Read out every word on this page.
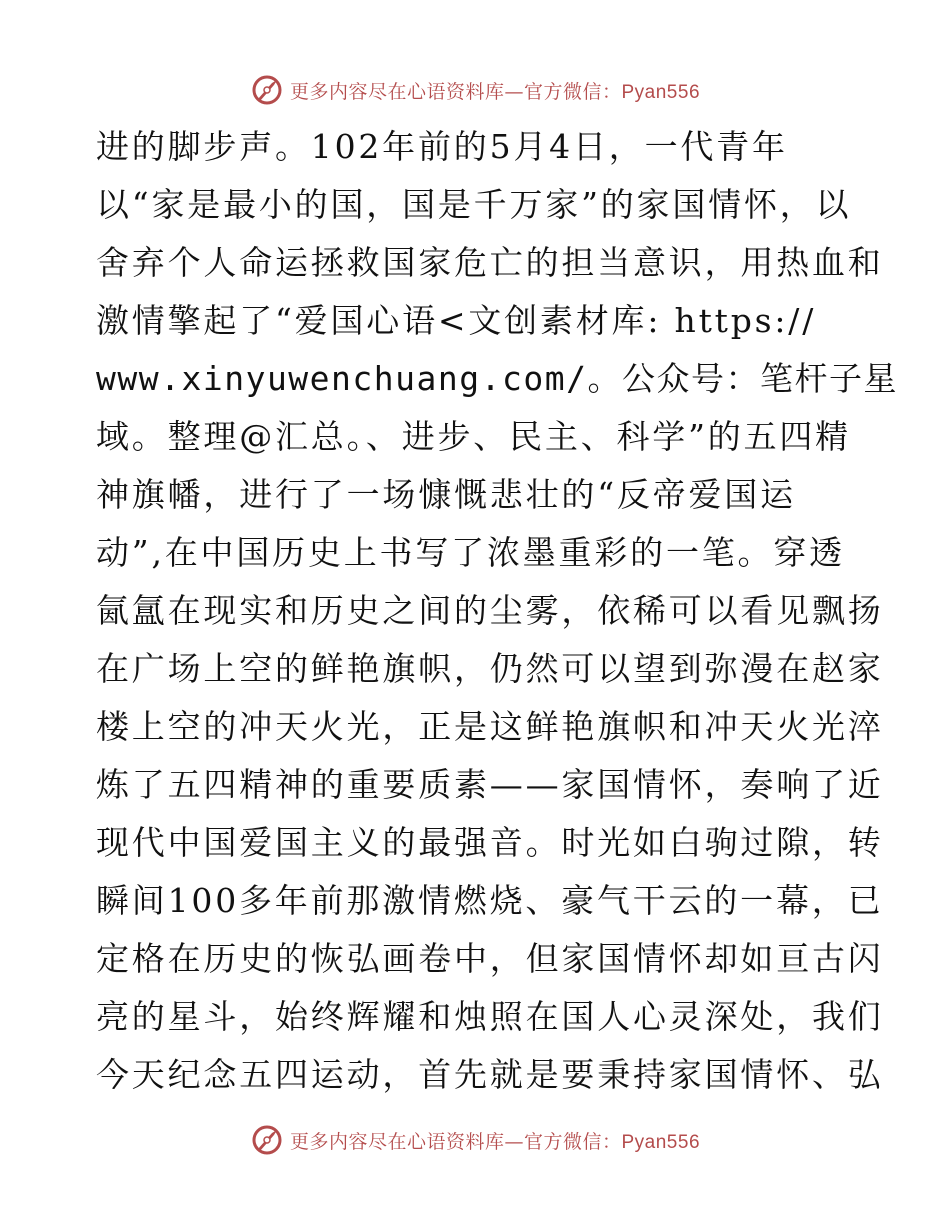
更多内容尽在心语资料库—官方微信：Pyan556
进的脚步声。102年前的5月4日，一代青年
以“家是最小的国，国是千万家”的家国情怀，以
舍弃个人命运拯救国家危亡的担当意识，用热血和
激情擎起了“爱国心语<文创素材库: https://
www.xinyuwenchuang.com/。公众号：笔杆子星
域。整理@汇总。、进步、民主、科学”的五四精
神旗幡，进行了一场慷慨悲壮的“反帝爱国运
动”,在中国历史上书写了浓墨重彩的一笔。穿透
氤氲在现实和历史之间的尘雾，依稀可以看见飘扬
在广场上空的鲜艳旗帜，仍然可以望到弥漫在赵家
楼上空的冲天火光，正是这鲜艳旗帜和冲天火光淬
炼了五四精神的重要质素——家国情怀，奏响了近
现代中国爱国主义的最强音。时光如白驹过隙，转
瞬间100多年前那激情燃烧、豪气干云的一幕，已
定格在历史的恢弘画卷中，但家国情怀却如亘古闪
亮的星斗，始终辉耀和烛照在国人心灵深处，我们
今天纪念五四运动，首先就是要秉持家国情怀、弘
更多内容尽在心语资料库—官方微信：Pyan556
